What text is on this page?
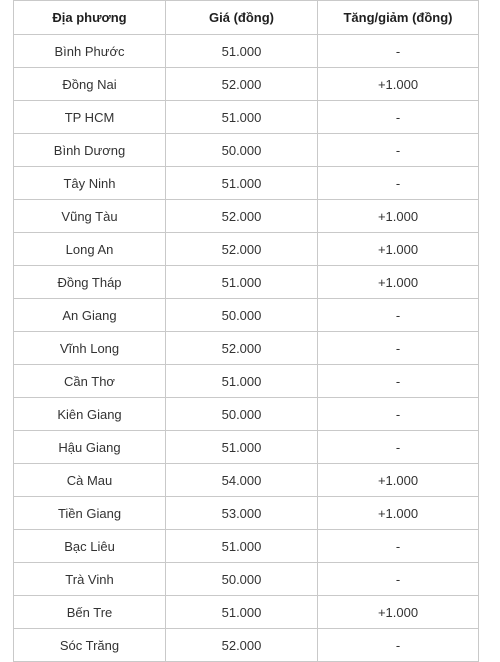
Địa phương	Giá (đồng)	Tăng/giảm (đồng)
Bình Phước	51.000	-
Đồng Nai	52.000	+1.000
TP HCM	51.000	-
Bình Dương	50.000	-
Tây Ninh	51.000	-
Vũng Tàu	52.000	+1.000
Long An	52.000	+1.000
Đồng Tháp	51.000	+1.000
An Giang	50.000	-
Vĩnh Long	52.000	-
Cần Thơ	51.000	-
Kiên Giang	50.000	-
Hậu Giang	51.000	-
Cà Mau	54.000	+1.000
Tiền Giang	53.000	+1.000
Bạc Liêu	51.000	-
Trà Vinh	50.000	-
Bến Tre	51.000	+1.000
Sóc Trăng	52.000	-
